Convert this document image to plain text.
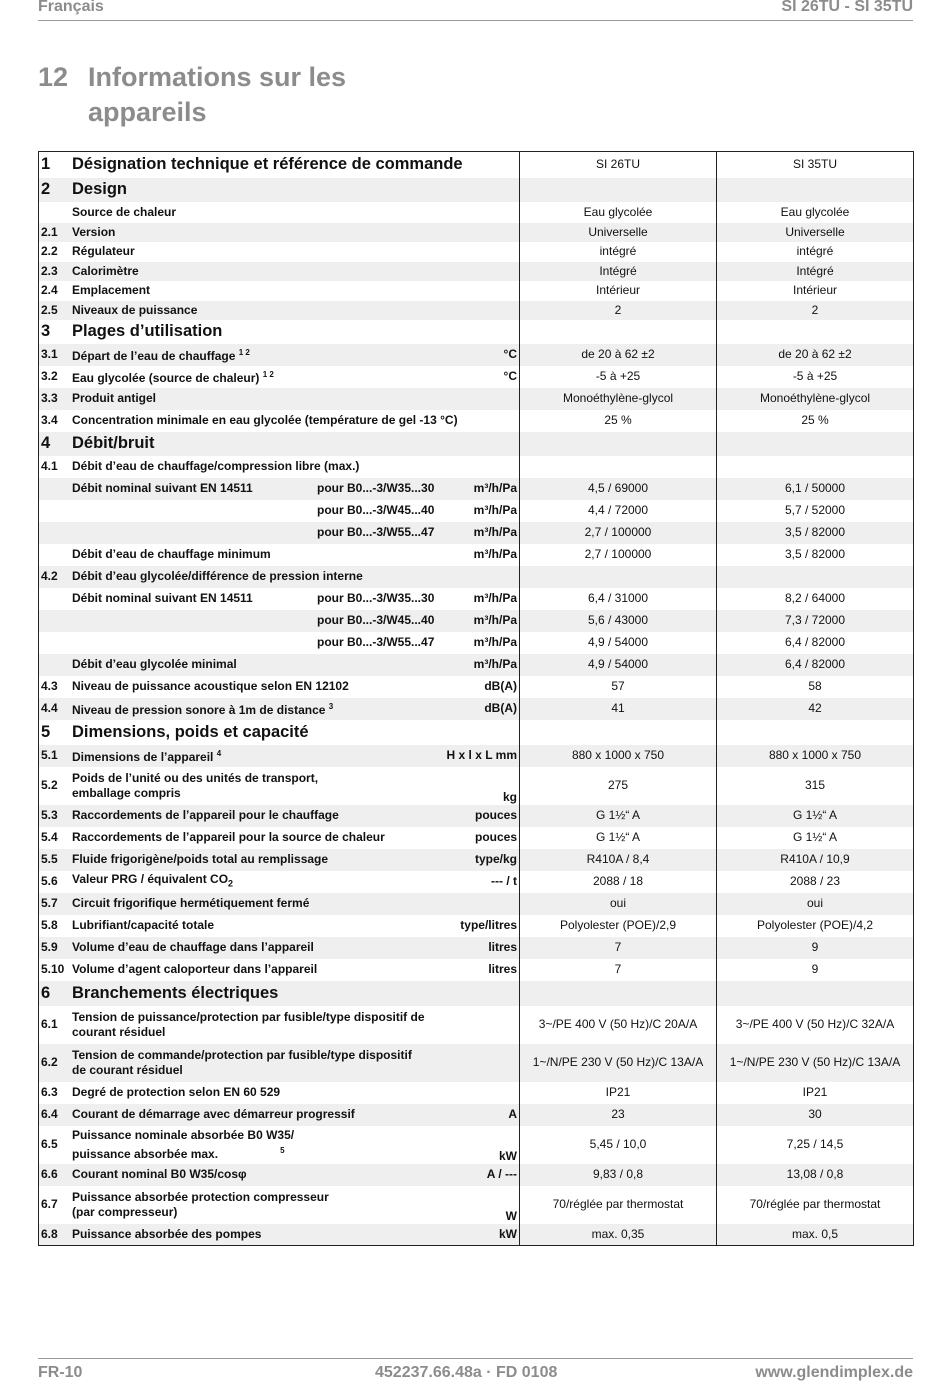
Français	SI 26TU - SI 35TU
12 Informations sur les
appareils
1	Désignation technique et référence de commande		SI 26TU	SI 35TU
2	Design			

	Source de chaleur		Eau glycolée	Eau glycolée
2.1	Version		Universelle	Universelle
2.2	Régulateur		intégré	intégré
2.3	Calorimètre		Intégré	Intégré
2.4	Emplacement		Intérieur	Intérieur
2.5	Niveaux de puissance		2	2
3	Plages d’utilisation			

3.1	Départ de l’eau de chauffage $^{1 2}$	°C	de 20 à 62 ±2	de 20 à 62 ±2
3.2	Eau glycolée (source de chaleur) $^{1 2}$	°C	-5 à +25	-5 à +25
3.3	Produit antigel		Monoéthylène-glycol	Monoéthylène-glycol
3.4	Concentration minimale en eau glycolée (température de gel -13 °C)		25 %	25 %
4	Débit/bruit			

4.1	Débit d’eau de chauffage/compression libre (max.)			

	Débit nominal suivant EN 14511 pour B0...-3/W35...30	m³/h/Pa	4,5 / 69000	6,1 / 50000

	pour B0...-3/W45...40	m³/h/Pa	4,4 / 72000	5,7 / 52000

	pour B0...-3/W55...47	m³/h/Pa	2,7 / 100000	3,5 / 82000

	Débit d’eau de chauffage minimum	m³/h/Pa	2,7 / 100000	3,5 / 82000
4.2	Débit d’eau glycolée/différence de pression interne			

	Débit nominal suivant EN 14511 pour B0...-3/W35...30	m³/h/Pa	6,4 / 31000	8,2 / 64000

	pour B0...-3/W45...40	m³/h/Pa	5,6 / 43000	7,3 / 72000

	pour B0...-3/W55...47	m³/h/Pa	4,9 / 54000	6,4 / 82000

	Débit d’eau glycolée minimal	m³/h/Pa	4,9 / 54000	6,4 / 82000
4.3	Niveau de puissance acoustique selon EN 12102	dB(A)	57	58
4.4	Niveau de pression sonore à 1m de distance $^3$	dB(A)	41	42
5	Dimensions, poids et capacité			

5.1	Dimensions de l’appareil $^4$	H x l x L mm	880 x 1000 x 750	880 x 1000 x 750
5.2	Poids de l’unité ou des unités de transport,
emballage compris	kg	275	315
5.3	Raccordements de l’appareil pour le chauffage	pouces	G 1½“ A	G 1½“ A
5.4	Raccordements de l’appareil pour la source de chaleur	pouces	G 1½“ A	G 1½“ A
5.5	Fluide frigorigène/poids total au remplissage	type/kg	R410A / 8,4	R410A / 10,9
5.6	Valeur PRG / équivalent $CO_2$	--- / t	2088 / 18	2088 / 23
5.7	Circuit frigorifique hermétiquement fermé		oui	oui
5.8	Lubrifiant/capacité totale	type/litres	Polyolester (POE)/2,9	Polyolester (POE)/4,2
5.9	Volume d’eau de chauffage dans l’appareil	litres	7	9
5.10	Volume d’agent caloporteur dans l’appareil	litres	7	9
6	Branchements électriques			

6.1	Tension de puissance/protection par fusible/type dispositif de
courant résiduel		3~/PE 400 V (50 Hz)/C 20A/A	3~/PE 400 V (50 Hz)/C 32A/A
6.2	Tension de commande/protection par fusible/type dispositif
de courant résiduel		1~/N/PE 230 V (50 Hz)/C 13A/A	1~/N/PE 230 V (50 Hz)/C 13A/A
6.3	Degré de protection selon EN 60 529		IP21	IP21
6.4	Courant de démarrage avec démarreur progressif	A	23	30
6.5	Puissance nominale absorbée B0 W35/
puissance absorbée max. $^5$	kW	5,45 / 10,0	7,25 / 14,5
6.6	Courant nominal B0 W35/cosφ	A / ---	9,83 / 0,8	13,08 / 0,8
6.7	Puissance absorbée protection compresseur
(par compresseur)	W	70/réglée par thermostat	70/réglée par thermostat
6.8	Puissance absorbée des pompes	kW	max. 0,35	max. 0,5
FR-10	452237.66.48a · FD 0108	www.glendimplex.de
